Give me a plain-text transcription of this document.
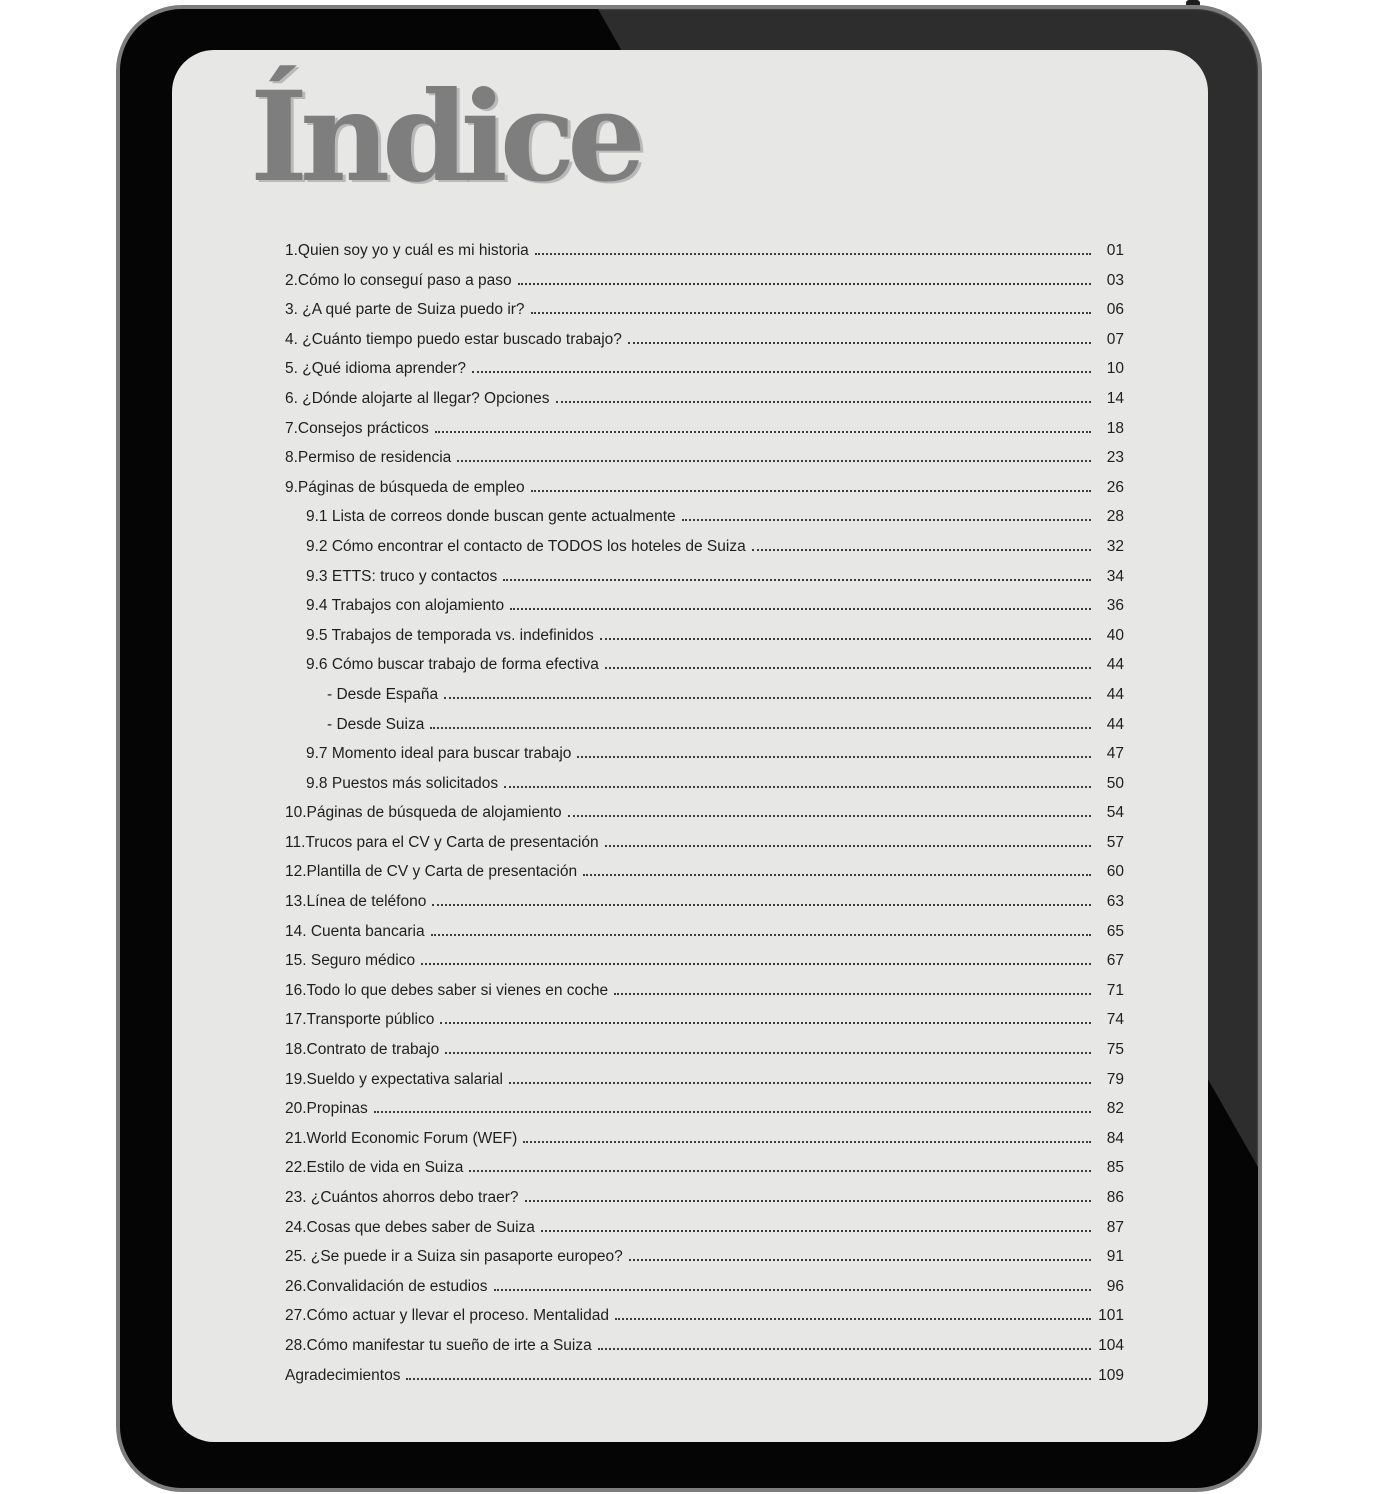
Índice
1.Quien soy yo y cuál es mi historia	01
2.Cómo lo conseguí paso a paso	03
3. ¿A qué parte de Suiza puedo ir?	06
4. ¿Cuánto tiempo puedo estar buscado trabajo?	07
5. ¿Qué idioma aprender?	10
6. ¿Dónde alojarte al llegar? Opciones	14
7.Consejos prácticos	18
8.Permiso de residencia	23
9.Páginas de búsqueda de empleo	26
9.1 Lista de correos donde buscan gente actualmente	28
9.2 Cómo encontrar el contacto de TODOS los hoteles de Suiza	32
9.3 ETTS: truco y contactos	34
9.4 Trabajos con alojamiento	36
9.5 Trabajos de temporada vs. indefinidos	40
9.6 Cómo buscar trabajo de forma efectiva	44
- Desde España	44
- Desde Suiza	44
9.7 Momento ideal para buscar trabajo	47
9.8 Puestos más solicitados	50
10.Páginas de búsqueda de alojamiento	54
11.Trucos para el CV y Carta de presentación	57
12.Plantilla de CV y Carta de presentación	60
13.Línea de teléfono	63
14. Cuenta bancaria	65
15. Seguro médico	67
16.Todo lo que debes saber si vienes en coche	71
17.Transporte público	74
18.Contrato de trabajo	75
19.Sueldo y expectativa salarial	79
20.Propinas	82
21.World Economic Forum (WEF)	84
22.Estilo de vida en Suiza	85
23. ¿Cuántos ahorros debo traer?	86
24.Cosas que debes saber de Suiza	87
25. ¿Se puede ir a Suiza sin pasaporte europeo?	91
26.Convalidación de estudios	96
27.Cómo actuar y llevar el proceso. Mentalidad	101
28.Cómo manifestar tu sueño de irte a Suiza	104
Agradecimientos	109
